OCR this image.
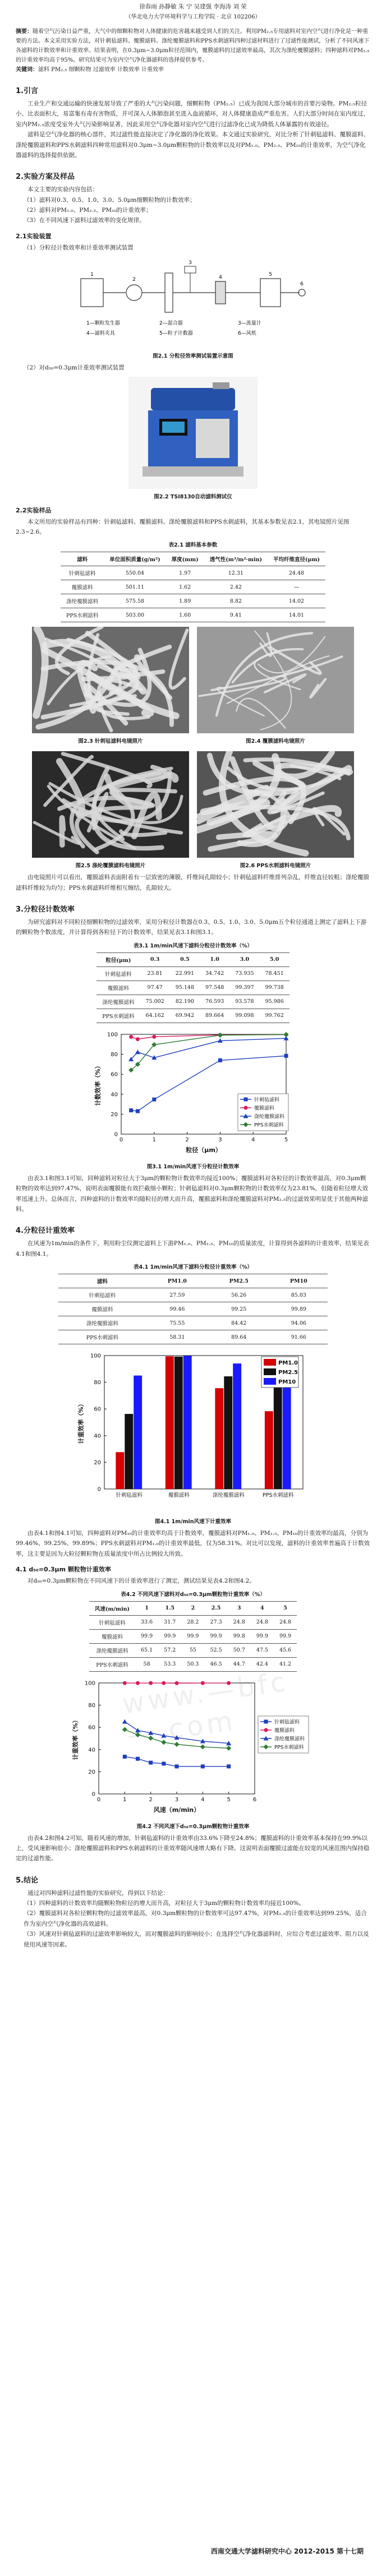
徐春雨 孙静敏 朱 宁 吴建强 李海涛 刘 荣
（华北电力大学环境科学与工程学院 · 北京 102206）
摘要：随着空气污染日益严重，大气中的细颗粒物对人体健康的危害越来越受到人们的关注。利用PM₂.₅专用滤料对室内空气进行净化是一种重要的方法。本文采用实验方法，对针刺毡滤料、覆膜滤料、涤纶覆膜滤料和PPS水刺滤料四种过滤材料进行了过滤性能测试，分析了不同风速下各滤料的计数效率和计重效率。结果表明，在0.3μm~3.0μm粒径范围内，覆膜滤料的过滤效率最高，其次为涤纶覆膜滤料；四种滤料对PM₂.₅的计重效率均高于95%。研究结果可为室内空气净化器滤料的选择提供参考。
关键词：滤料 PM₂.₅ 细颗粒物 过滤效率 计数效率 计重效率
1.引言

工业生产和交通运输的快速发展导致了严重的大气污染问题，细颗粒物（PM₂.₅）已成为我国大部分城市的首要污染物。PM₂.₅粒径小、比表面积大，易富集有毒有害物质，并可深入人体肺泡甚至进入血液循环，对人体健康造成严重危害。人们大部分时间在室内度过，室内PM₂.₅浓度受室外大气污染影响显著，因此采用空气净化器对室内空气进行过滤净化已成为降低人体暴露的有效途径。

滤料是空气净化器的核心部件，其过滤性能直接决定了净化器的净化效果。本文通过实验研究，对比分析了针刺毡滤料、覆膜滤料、涤纶覆膜滤料和PPS水刺滤料四种常用滤料对0.3μm~3.0μm颗粒物的计数效率以及对PM₁.₀、PM₂.₅、PM₁₀的计重效率，为空气净化器滤料的选择提供依据。

2.实验方案及样品

本文主要的实验内容包括：

（1）滤料对0.3、0.5、1.0、3.0、5.0μm细颗粒物的计数效率；
（2）滤料对PM₁.₀、PM₂.₅、PM₁₀的计重效率；
（3）在不同风速下滤料过滤效率的变化规律。
2.1实验装置
（1）分粒径计数效率和计重效率测试装置
1
2
3
4	5
6
1—颗粒发生器	2—混合器	3—流量计
4—滤料夹具	5—粒子计数器	6—风机
图2.1 分粒径效率测试装置示意图
（2）对d₅₀=0.3μm计重效率测试装置
图2.2 TSI8130自动滤料测试仪
2.2实验样品

本文所用的实验样品有四种：针刺毡滤料、覆膜滤料、涤纶覆膜滤料和PPS水刺滤料，其基本参数见表2.1，其电镜照片见图2.3~2.6。

表2.1 滤料基本参数
滤料	单位面积质量(g/m²)	厚度(mm)	透气性(m³/m²·min)	平均纤维直径(μm)
针刺毡滤料	550.04	1.97	12.31	24.48
覆膜滤料	501.11	1.62	2.42	—
涤纶覆膜滤料	575.58	1.89	8.82	14.02
PPS水刺滤料	503.00	1.60	9.41	14.01
图2.3 针刺毡滤料电镜照片	图2.4 覆膜滤料电镜照片
图2.5 涤纶覆膜滤料电镜照片	图2.6 PPS水刺滤料电镜照片

由电镜照片可以看出，覆膜滤料表面附着有一层致密的薄膜，纤维间孔隙较小；针刺毡滤料纤维排列杂乱，纤维直径较粗；涤纶覆膜滤料纤维较为均匀；PPS水刺滤料纤维相互缠结，孔隙较大。

3.分粒径计数效率

为研究滤料对不同粒径细颗粒物的过滤效率，采用分粒径计数器在0.3、0.5、1.0、3.0、5.0μm五个粒径通道上测定了滤料上下游的颗粒物个数浓度，并计算得到各粒径下的计数效率，结果见表3.1和图3.1。

表3.1 1m/min风速下滤料分粒径计数效率（%）
粒径(μm)	0.3	0.5	1.0	3.0	5.0
针刺毡滤料	23.81	22.991	34.742	73.935	78.451
覆膜滤料	97.47	95.148	97.548	99.397	99.738
涤纶覆膜滤料	75.002	82.190	76.593	93.578	95.986
PPS水刺滤料	64.162	69.942	89.664	99.098	99.762
0	1	2	3	4	5
0
20
40
60
80
100
粒径（μm）
计数效率（%）	针刺毡滤料
覆膜滤料
涤纶覆膜滤料
PPS水刺滤料
图3.1 1m/min风速下分粒径计数效率

由表3.1和图3.1可知，同种滤料对粒径大于3μm的颗粒物计数效率均接近100%；覆膜滤料对各粒径的计数效率最高，对0.3μm颗粒物的效率达到97.47%，说明表面覆膜能有效拦截细小颗粒；针刺毡滤料对0.3μm颗粒物的计数效率仅为23.81%，但随着粒径增大效率迅速上升。总体而言，四种滤料的计数效率均随粒径的增大而升高，覆膜滤料和涤纶覆膜滤料对PM₂.₅的过滤效果明显优于其他两种滤料。

4.分粒径计重效率

在风速为1m/min的条件下，利用粉尘仪测定滤料上下游PM₁.₀、PM₂.₅、PM₁₀的质量浓度，计算得到各滤料的计重效率，结果见表4.1和图4.1。

表4.1 1m/min风速下滤料分粒径计重效率（%）
滤料	PM1.0	PM2.5	PM10
针刺毡滤料	27.59	56.26	85.03
覆膜滤料	99.46	99.25	99.89
涤纶覆膜滤料	75.55	84.42	94.06
PPS水刺滤料	58.31	89.64	91.66
0
20
40
60
80
100
计重效率（%）
针刺毡滤料	覆膜滤料	涤纶覆膜滤料	PPS水刺滤料
PM1.0
PM2.5
PM10
图4.1 1m/min风速下计重效率

由表4.1和图4.1可知，四种滤料对PM₁₀的计重效率均高于计数效率，覆膜滤料对PM₁.₀、PM₂.₅、PM₁₀的计重效率均最高，分别为99.46%、99.25%、99.89%；PPS水刺滤料对PM₁.₀的计重效率最低，仅为58.31%。对比可以发现，滤料的计重效率普遍高于计数效率，这主要是因为大粒径颗粒物在质量浓度中所占比例较大所致。

4.1 d₅₀=0.3μm 颗粒物计重效率

对d₅₀=0.3μm颗粒物在不同风速下的计重效率进行了测定，测试结果见表4.2和图4.2。

表4.2 不同风速下滤料对d₅₀=0.3μm颗粒物计重效率（%）
风速(m/min)	1	1.5	2	2.5	3	4	5
针刺毡滤料	33.6	31.7	28.2	27.3	24.8	24.8	24.8
覆膜滤料	99.9	99.9	99.9	99.9	99.8	99.9	99.9
涤纶覆膜滤料	65.1	57.2	55	52.5	50.7	47.5	45.6
PPS水刺滤料	58	53.3	50.3	46.5	44.7	42.4	41.2
0	1	2	3	4	5	6
0
20
40
60
80
100
风速（m/min）
计重效率（%）	针刺毡滤料
覆膜滤料
涤纶覆膜滤料
PPS水刺滤料
图4.2 不同风速下d₅₀=0.3μm颗粒物计重效率

由表4.2和图4.2可知，随着风速的增加，针刺毡滤料的计重效率由33.6%下降至24.8%；覆膜滤料的计重效率基本保持在99.9%以上，受风速影响很小；涤纶覆膜滤料和PPS水刺滤料的计重效率随风速增大略有下降。这说明表面覆膜过滤能在较宽的风速范围内保持稳定的过滤性能。

5.结论

通过对四种滤料过滤性能的实验研究，得到以下结论：

（1）四种滤料的计数效率均随颗粒物粒径的增大而升高，对粒径大于3μm的颗粒物计数效率均接近100%。
（2）覆膜滤料对各粒径颗粒物的过滤效率最高，对0.3μm颗粒物的计数效率可达97.47%，对PM₂.₅的计重效率达到99.25%，适合作为室内空气净化器的高效滤料。
（3）风速对针刺毡滤料的过滤效率影响较大，而对覆膜滤料的影响较小；在选择空气净化器滤料时，应综合考虑过滤效率、阻力以及使用风速等因素。
www.—bfc—.com
西南交通大学滤料研究中心 2012-2015 第十七期
